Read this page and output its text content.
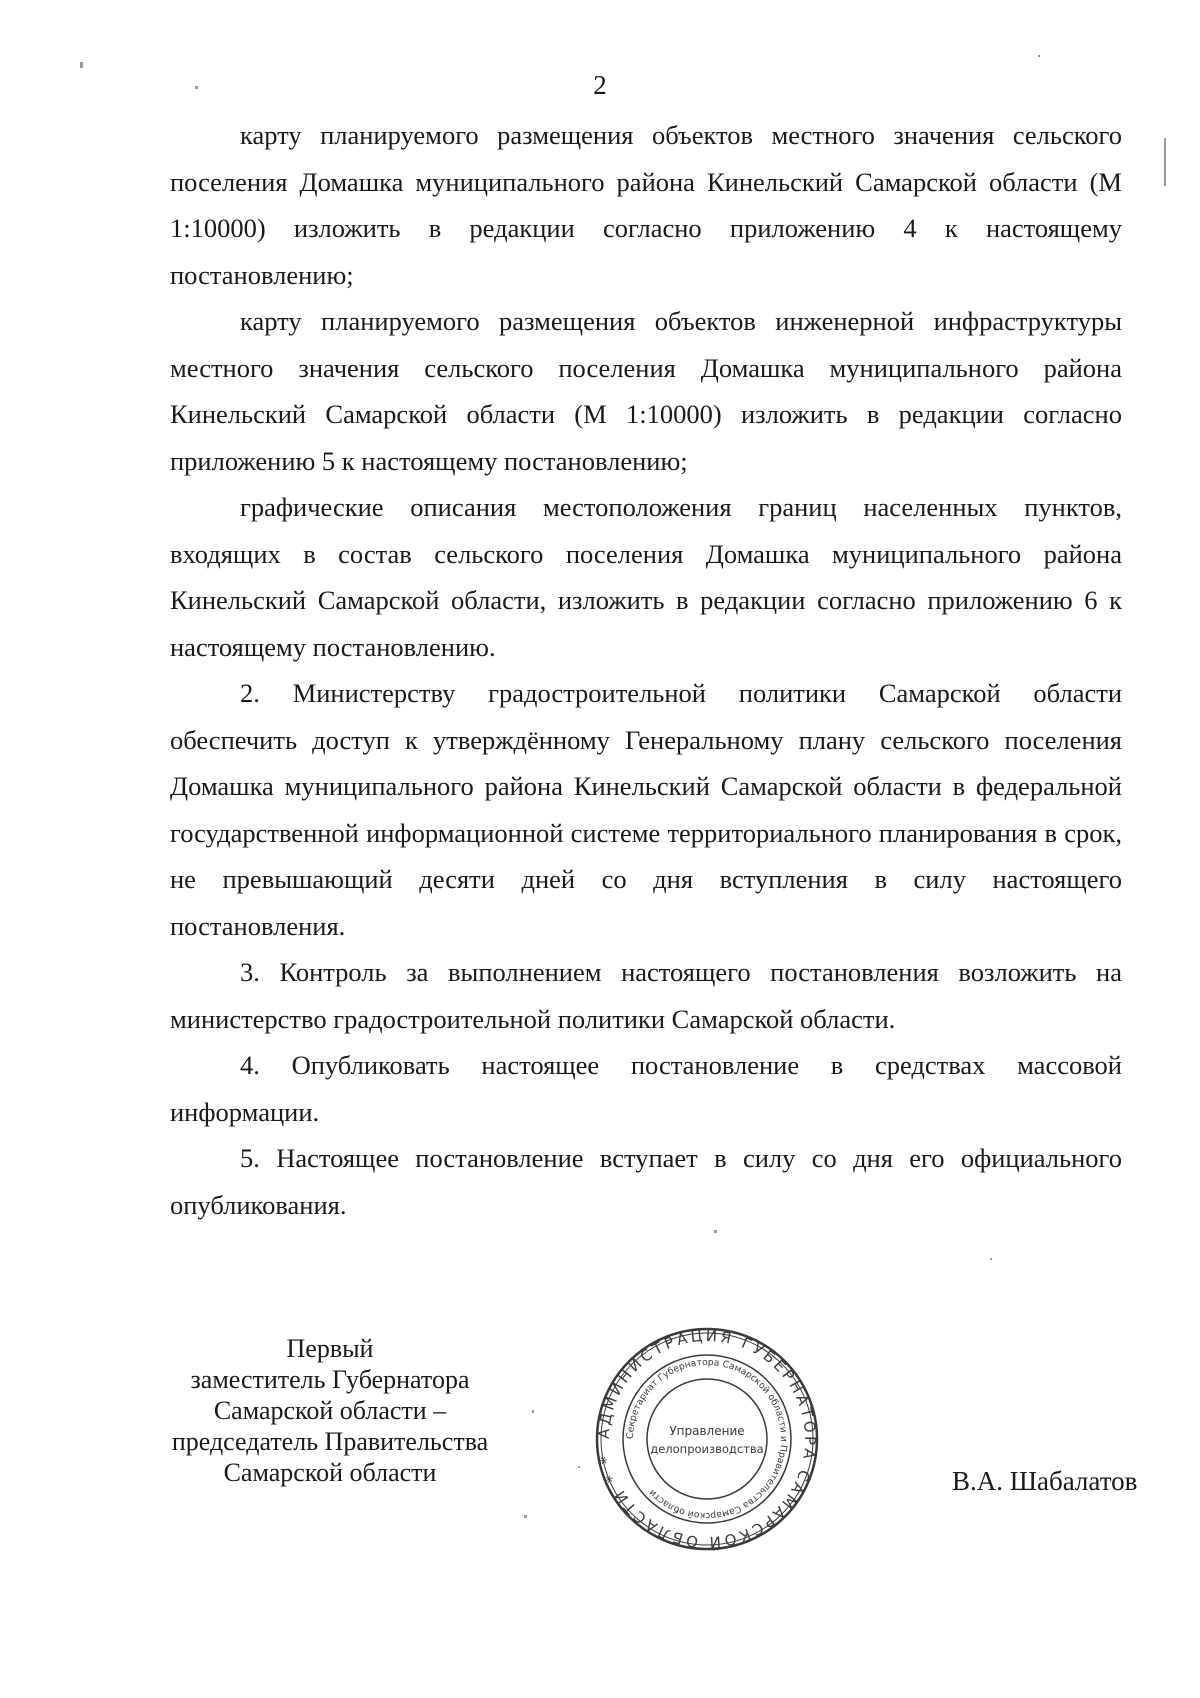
2

карту планируемого размещения объектов местного значения сельского поселения Домашка муниципального района Кинельский Самарской области (М 1:10000) изложить в редакции согласно приложению 4 к настоящему постановлению;

карту планируемого размещения объектов инженерной инфраструктуры местного значения сельского поселения Домашка муниципального района Кинельский Самарской области (М 1:10000) изложить в редакции согласно приложению 5 к настоящему постановлению;

графические описания местоположения границ населенных пунктов, входящих в состав сельского поселения Домашка муниципального района Кинельский Самарской области, изложить в редакции согласно приложению 6 к настоящему постановлению.

2. Министерству градостроительной политики Самарской области обеспечить доступ к утверждённому Генеральному плану сельского поселения Домашка муниципального района Кинельский Самарской области в федеральной государственной информационной системе территориального планирования в срок, не превышающий десяти дней со дня вступления в силу настоящего постановления.

3. Контроль за выполнением настоящего постановления возложить на министерство градостроительной политики Самарской области.

4. Опубликовать настоящее постановление в средствах массовой информации.

5. Настоящее постановление вступает в силу со дня его официального опубликования.

Первый
заместитель Губернатора
Самарской области –
председатель Правительства
Самарской области
АДМИНИСТРАЦИЯ ГУБЕРНАТОРА САМАРСКОЙ ОБЛАСТИ * *
Секретариат Губернатора Самарской области и Правительства Самарской области
Управление
делопроизводства
В.А. Шабалатов
